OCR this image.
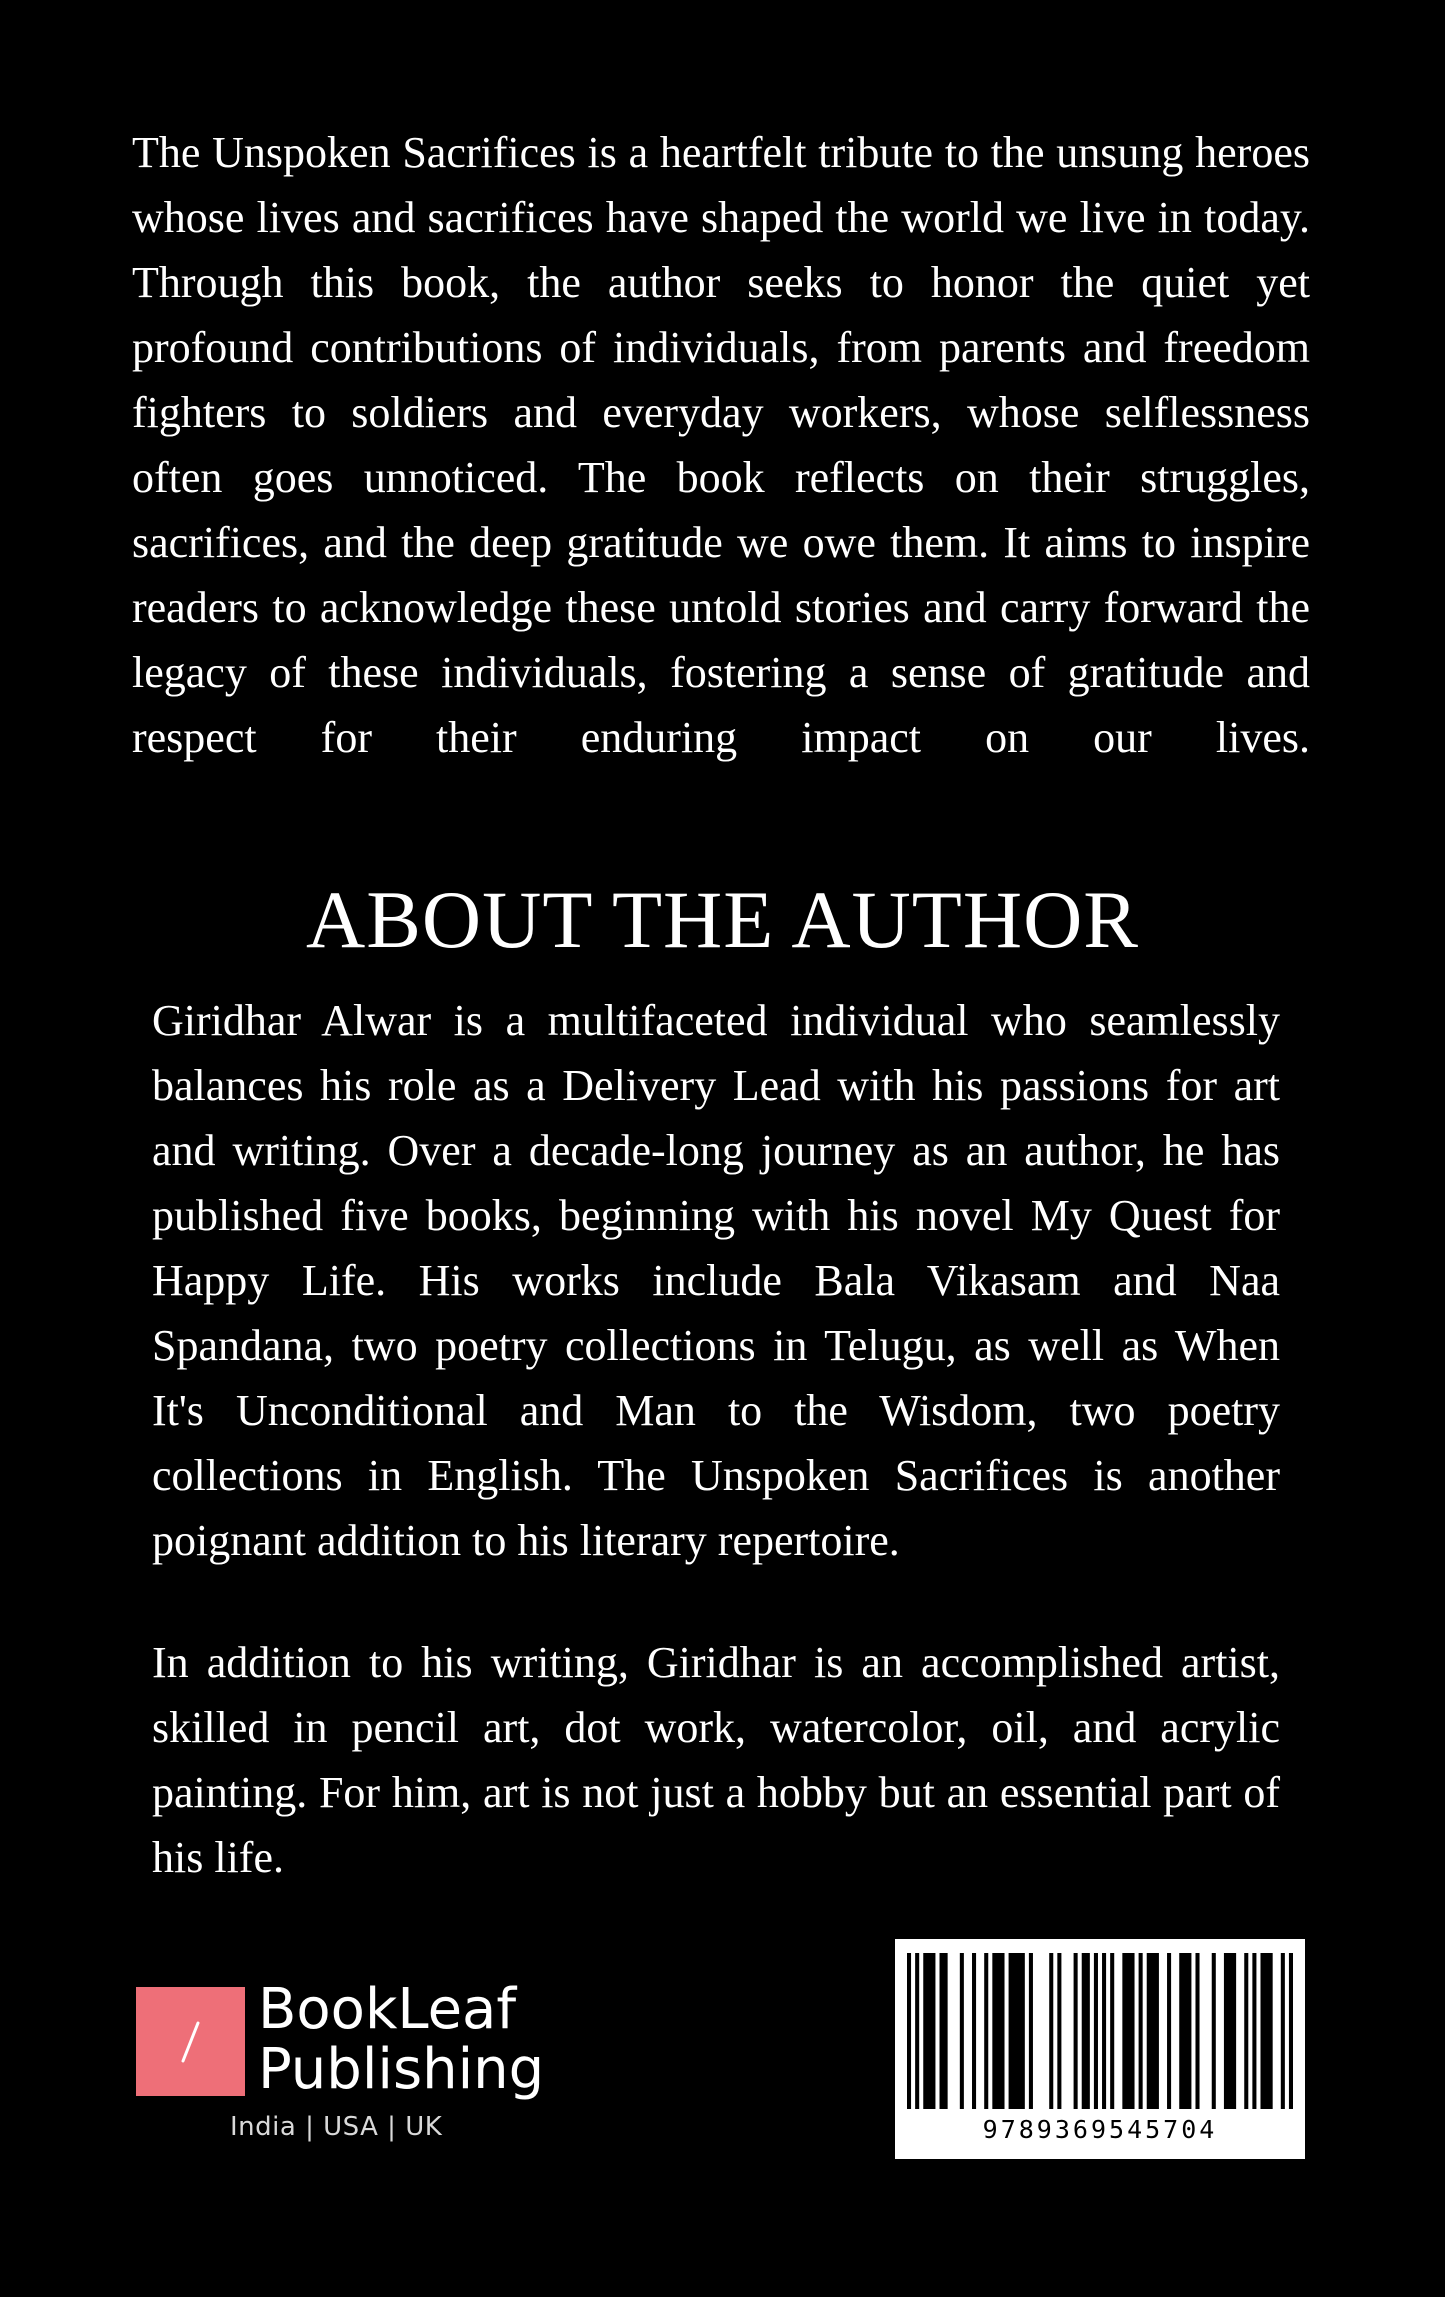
The Unspoken Sacrifices is a heartfelt tribute to the unsung heroes whose lives and sacrifices have shaped the world we live in today. Through this book, the author seeks to honor the quiet yet profound contributions of individuals, from parents and freedom fighters to soldiers and everyday workers, whose selflessness often goes unnoticed. The book reflects on their struggles, sacrifices, and the deep gratitude we owe them. It aims to inspire readers to acknowledge these untold stories and carry forward the legacy of these individuals, fostering a sense of gratitude and respect for their enduring impact on our lives.

ABOUT THE AUTHOR

Giridhar Alwar is a multifaceted individual who seamlessly balances his role as a Delivery Lead with his passions for art and writing. Over a decade-long journey as an author, he has published five books, beginning with his novel My Quest for Happy Life. His works include Bala Vikasam and Naa Spandana, two poetry collections in Telugu, as well as When It's Unconditional and Man to the Wisdom, two poetry collections in English. The Unspoken Sacrifices is another poignant addition to his literary repertoire.

In addition to his writing, Giridhar is an accomplished artist, skilled in pencil art, dot work, watercolor, oil, and acrylic painting. For him, art is not just a hobby but an essential part of his life.

BookLeaf
Publishing
India | USA | UK	9789369545704
